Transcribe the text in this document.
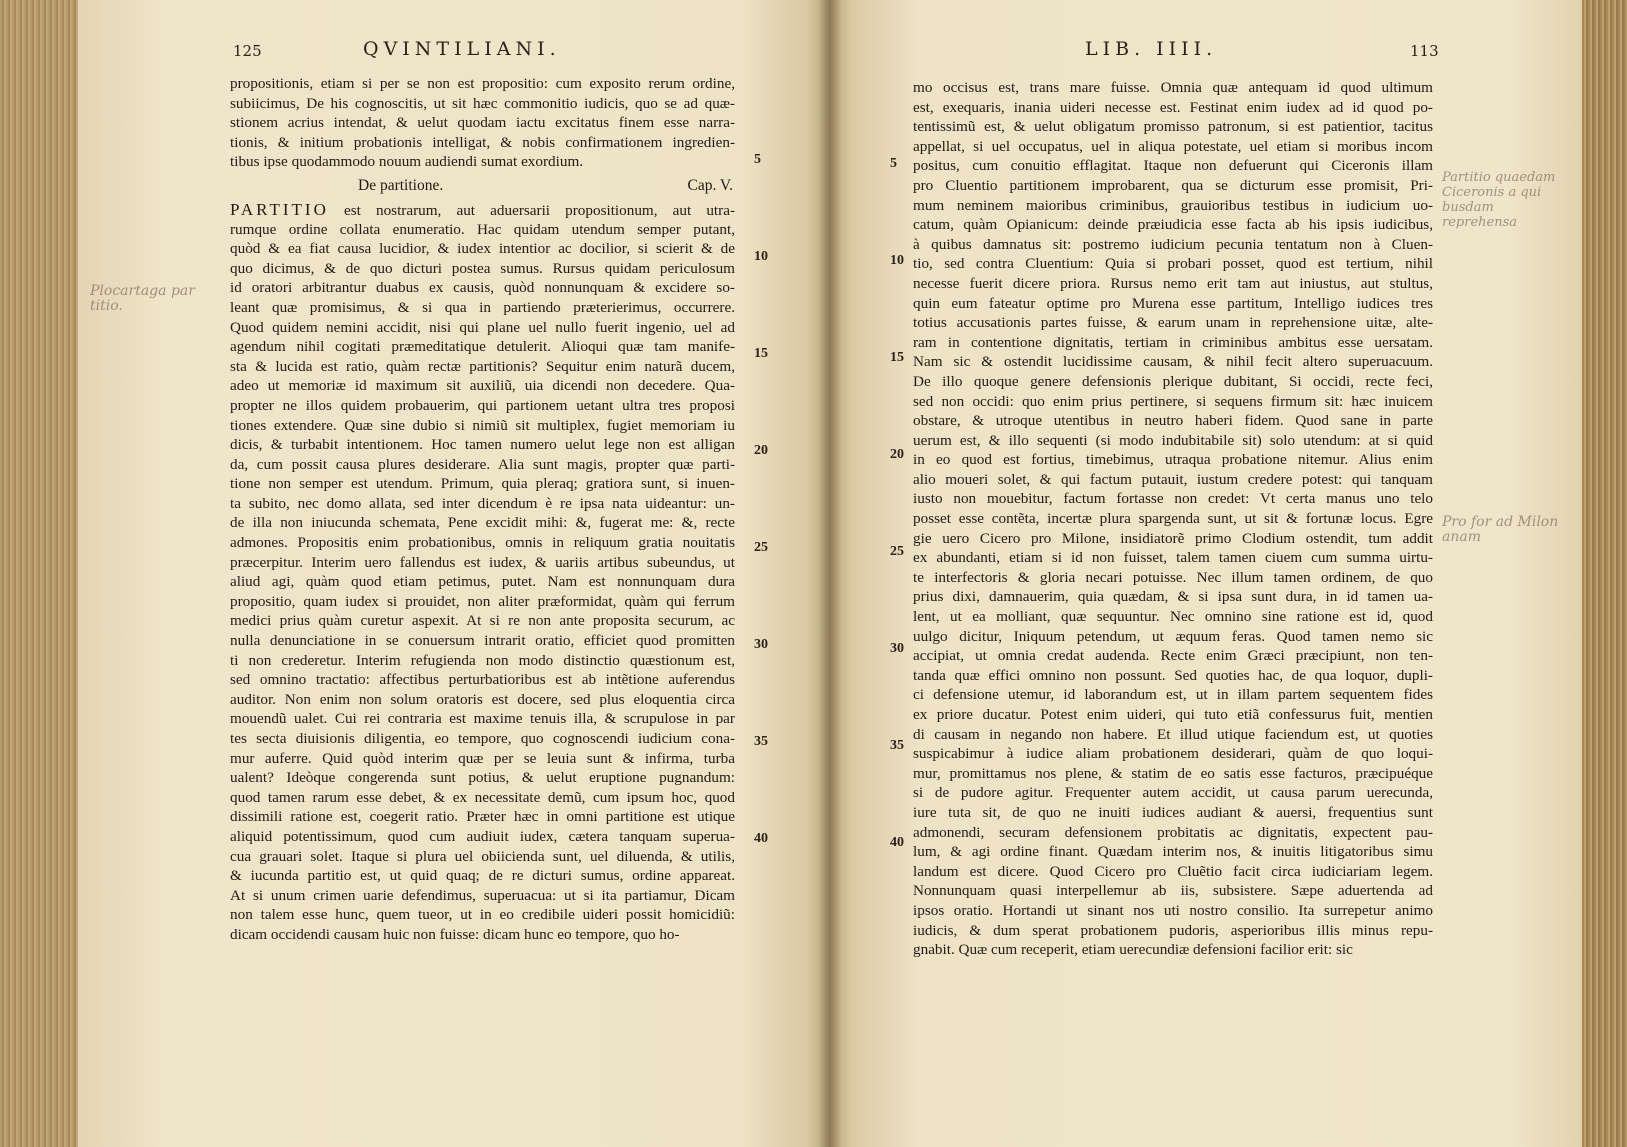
125	QVINTILIANI.
propositionis, etiam si per se non est propositio: cum exposito rerum ordine,
subiicimus, De his cognoscitis, ut sit hæc commonitio iudicis, quo se ad quæ-
stionem acrius intendat, & uelut quodam iactu excitatus finem esse narra-
tionis, & initium probationis intelligat, & nobis confirmationem ingredien-
tibus ipse quodammodo nouum audiendi sumat exordium.
De partitione.	Cap. V.
PARTITIO est nostrarum, aut aduersarii propositionum, aut utra-
rumque ordine collata enumeratio. Hac quidam utendum semper putant,
quòd & ea fiat causa lucidior, & iudex intentior ac docilior, si scierit & de
quo dicimus, & de quo dicturi postea sumus. Rursus quidam periculosum
id oratori arbitrantur duabus ex causis, quòd nonnunquam & excidere so-
leant quæ promisimus, & si qua in partiendo præterierimus, occurrere.
Quod quidem nemini accidit, nisi qui plane uel nullo fuerit ingenio, uel ad
agendum nihil cogitati præmeditatique detulerit. Alioqui quæ tam manife-
sta & lucida est ratio, quàm rectæ partitionis? Sequitur enim naturã ducem,
adeo ut memoriæ id maximum sit auxiliũ, uia dicendi non decedere. Qua-
propter ne illos quidem probauerim, qui partionem uetant ultra tres proposi
tiones extendere. Quæ sine dubio si nimiũ sit multiplex, fugiet memoriam iu
dicis, & turbabit intentionem. Hoc tamen numero uelut lege non est alligan
da, cum possit causa plures desiderare. Alia sunt magis, propter quæ parti-
tione non semper est utendum. Primum, quia pleraq; gratiora sunt, si inuen-
ta subito, nec domo allata, sed inter dicendum è re ipsa nata uideantur: un-
de illa non iniucunda schemata, Pene excidit mihi: &, fugerat me: &, recte
admones. Propositis enim probationibus, omnis in reliquum gratia nouitatis
præcerpitur. Interim uero fallendus est iudex, & uariis artibus subeundus, ut
aliud agi, quàm quod etiam petimus, putet. Nam est nonnunquam dura
propositio, quam iudex si prouidet, non aliter præformidat, quàm qui ferrum
medici prius quàm curetur aspexit. At si re non ante proposita securum, ac
nulla denunciatione in se conuersum intrarit oratio, efficiet quod promitten
ti non crederetur. Interim refugienda non modo distinctio quæstionum est,
sed omnino tractatio: affectibus perturbatioribus est ab intẽtione auferendus
auditor. Non enim non solum oratoris est docere, sed plus eloquentia circa
mouendũ ualet. Cui rei contraria est maxime tenuis illa, & scrupulose in par
tes secta diuisionis diligentia, eo tempore, quo cognoscendi iudicium cona-
mur auferre. Quid quòd interim quæ per se leuia sunt & infirma, turba
ualent? Ideòque congerenda sunt potius, & uelut eruptione pugnandum:
quod tamen rarum esse debet, & ex necessitate demũ, cum ipsum hoc, quod
dissimili ratione est, coegerit ratio. Præter hæc in omni partitione est utique
aliquid potentissimum, quod cum audiuit iudex, cætera tanquam superua-
cua grauari solet. Itaque si plura uel obiicienda sunt, uel diluenda, & utilis,
& iucunda partitio est, ut quid quaq; de re dicturi sumus, ordine appareat.
At si unum crimen uarie defendimus, superuacua: ut si ita partiamur, Dicam
non talem esse hunc, quem tueor, ut in eo credibile uideri possit homicidiũ:
dicam occidendi causam huic non fuisse: dicam hunc eo tempore, quo ho-
Plocartaga par titio.
5
10
15
20
25
30
35
40
LIB. IIII.	113
mo occisus est, trans mare fuisse. Omnia quæ antequam id quod ultimum
est, exequaris, inania uideri necesse est. Festinat enim iudex ad id quod po-
tentissimũ est, & uelut obligatum promisso patronum, si est patientior, tacitus
appellat, si uel occupatus, uel in aliqua potestate, uel etiam si moribus incom
positus, cum conuitio efflagitat. Itaque non defuerunt qui Ciceronis illam
pro Cluentio partitionem improbarent, qua se dicturum esse promisit, Pri-
mum neminem maioribus criminibus, grauioribus testibus in iudicium uo-
catum, quàm Opianicum: deinde præiudicia esse facta ab his ipsis iudicibus,
à quibus damnatus sit: postremo iudicium pecunia tentatum non à Cluen-
tio, sed contra Cluentium: Quia si probari posset, quod est tertium, nihil
necesse fuerit dicere priora. Rursus nemo erit tam aut iniustus, aut stultus,
quin eum fateatur optime pro Murena esse partitum, Intelligo iudices tres
totius accusationis partes fuisse, & earum unam in reprehensione uitæ, alte-
ram in contentione dignitatis, tertiam in criminibus ambitus esse uersatam.
Nam sic & ostendit lucidissime causam, & nihil fecit altero superuacuum.
De illo quoque genere defensionis plerique dubitant, Si occidi, recte feci,
sed non occidi: quo enim prius pertinere, si sequens firmum sit: hæc inuicem
obstare, & utroque utentibus in neutro haberi fidem. Quod sane in parte
uerum est, & illo sequenti (si modo indubitabile sit) solo utendum: at si quid
in eo quod est fortius, timebimus, utraqua probatione nitemur. Alius enim
alio moueri solet, & qui factum putauit, iustum credere potest: qui tanquam
iusto non mouebitur, factum fortasse non credet: Vt certa manus uno telo
posset esse contẽta, incertæ plura spargenda sunt, ut sit & fortunæ locus. Egre
gie uero Cicero pro Milone, insidiatorẽ primo Clodium ostendit, tum addit
ex abundanti, etiam si id non fuisset, talem tamen ciuem cum summa uirtu-
te interfectoris & gloria necari potuisse. Nec illum tamen ordinem, de quo
prius dixi, damnauerim, quia quædam, & si ipsa sunt dura, in id tamen ua-
lent, ut ea molliant, quæ sequuntur. Nec omnino sine ratione est id, quod
uulgo dicitur, Iniquum petendum, ut æquum feras. Quod tamen nemo sic
accipiat, ut omnia credat audenda. Recte enim Græci præcipiunt, non ten-
tanda quæ effici omnino non possunt. Sed quoties hac, de qua loquor, dupli-
ci defensione utemur, id laborandum est, ut in illam partem sequentem fides
ex priore ducatur. Potest enim uideri, qui tuto etiã confessurus fuit, mentien
di causam in negando non habere. Et illud utique faciendum est, ut quoties
suspicabimur à iudice aliam probationem desiderari, quàm de quo loqui-
mur, promittamus nos plene, & statim de eo satis esse facturos, præcipuéque
si de pudore agitur. Frequenter autem accidit, ut causa parum uerecunda,
iure tuta sit, de quo ne inuiti iudices audiant & auersi, frequentius sunt
admonendi, securam defensionem probitatis ac dignitatis, expectent pau-
lum, & agi ordine finant. Quædam interim nos, & inuitis litigatoribus simu
landum est dicere. Quod Cicero pro Cluẽtio facit circa iudiciariam legem.
Nonnunquam quasi interpellemur ab iis, subsistere. Sæpe aduertenda ad
ipsos oratio. Hortandi ut sinant nos uti nostro consilio. Ita surrepetur animo
iudicis, & dum sperat probationem pudoris, asperioribus illis minus repu-
gnabit. Quæ cum receperit, etiam uerecundiæ defensioni facilior erit: sic
Partitio quaedam Ciceronis a qui busdam reprehensa
Pro for ad Milon anam
5
10
15
20
25
30
35
40
